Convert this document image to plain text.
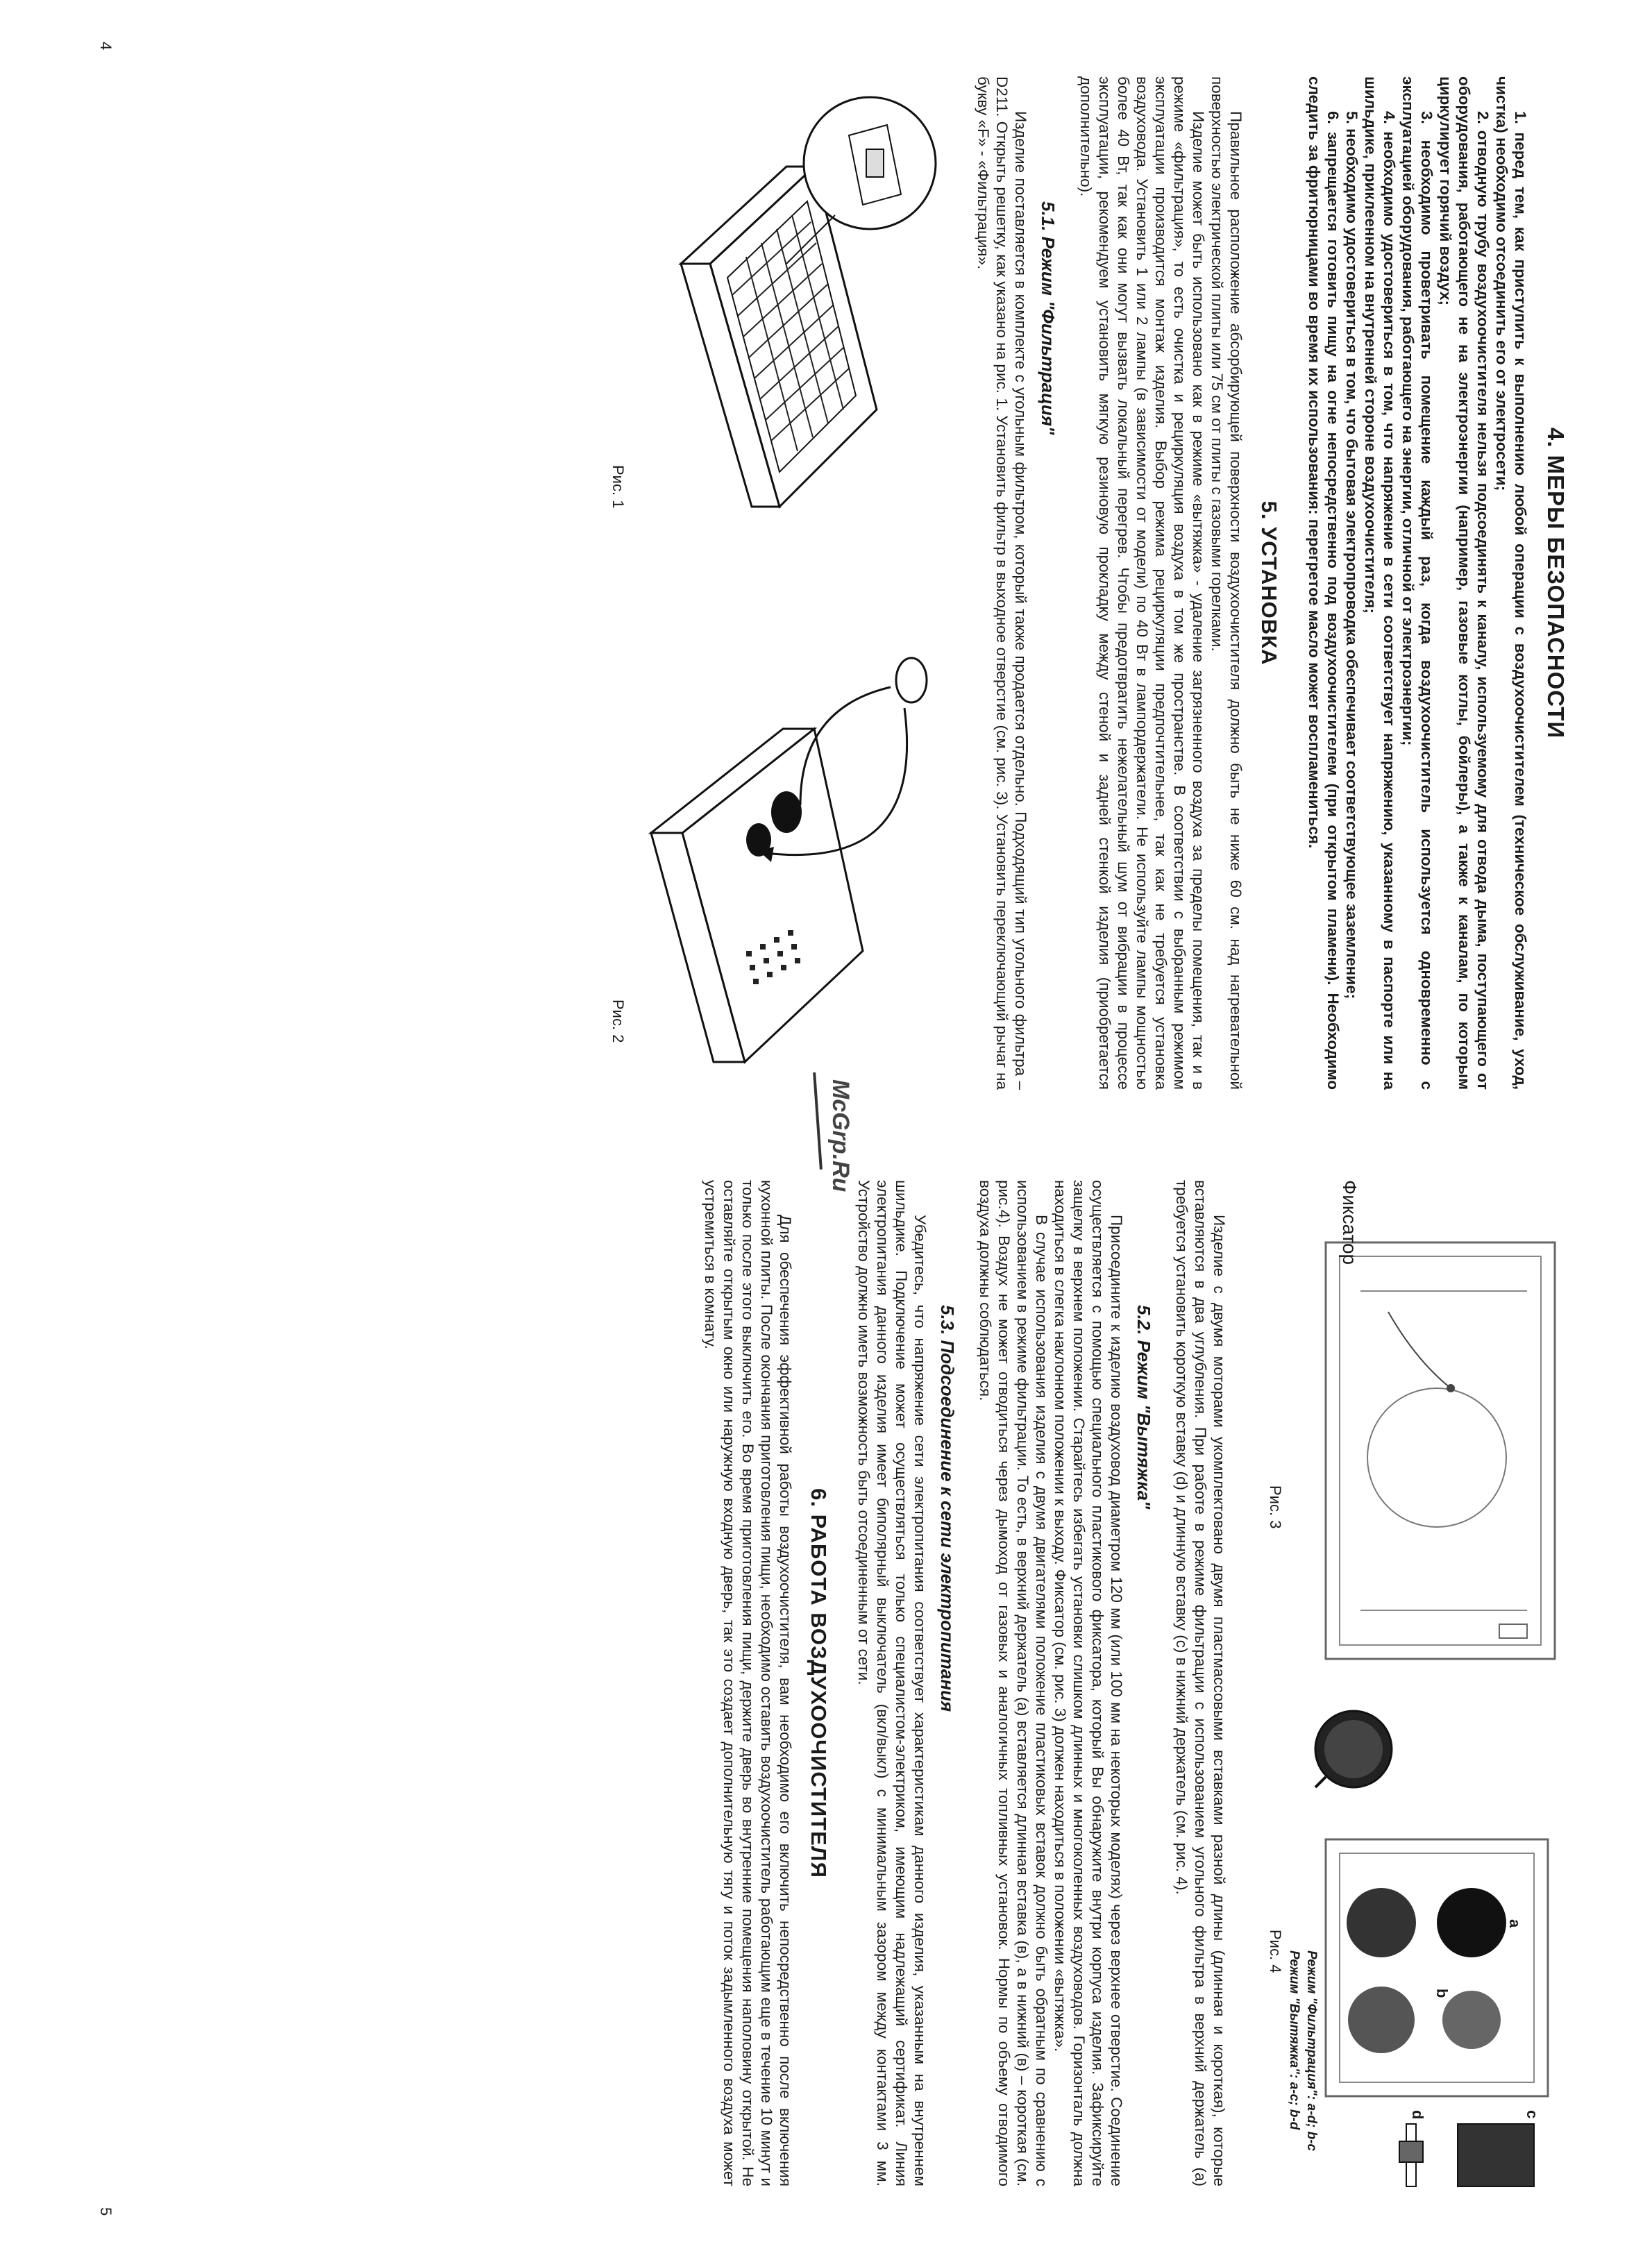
4. МЕРЫ БЕЗОПАСНОСТИ

1. перед тем, как приступить к выполнению любой операции с воздухоочистителем (техническое обслуживание, уход, чистка) необходимо отсоединить его от электросети;

2. отводную трубу воздухоочистителя нельзя подсоединять к каналу, используемому для отвода дыма, поступающего от оборудования, работающего не на электроэнергии (например, газовые котлы, бойлеры), а также к каналам, по которым циркулирует горячий воздух;

3. необходимо проветривать помещение каждый раз, когда воздухоочиститель используется одновременно с эксплуатацией оборудования, работающего на энергии, отличной от электроэнергии;

4. необходимо удостовериться в том, что напряжение в сети соответствует напряжению, указанному в паспорте или на шильдике, приклеенном на внутренней стороне воздухоочистителя;

5. необходимо удостовериться в том, что бытовая электропроводка обеспечивает соответствующее заземление;

6. запрещается готовить пищу на огне непосредственно под воздухоочистителем (при открытом пламени). Необходимо следить за фритюрницами во время их использования: перегретое масло может воспламениться.

5. УСТАНОВКА

Правильное расположение абсорбирующей поверхности воздухоочистителя должно быть не ниже 60 см. над нагревательной поверхностью электрической плиты или 75 см от плиты с газовыми горелками.

Изделие может быть использовано как в режиме «вытяжка» - удаление загрязненного воздуха за пределы помещения, так и в режиме «фильтрация», то есть очистка и рециркуляция воздуха в том же пространстве. В соответствии с выбранным режимом эксплуатации производится монтаж изделия. Выбор режима рециркуляции предпочтительнее, так как не требуется установка воздуховода. Установить 1 или 2 лампы (в зависимости от модели) по 40 Вт в лампордержатели. Не используйте лампы мощностью более 40 Вт, так как они могут вызвать локальный перегрев. Чтобы предотвратить нежелательный шум от вибрации в процессе эксплуатации, рекомендуем установить мягкую резиновую прокладку между стеной и задней стенкой изделия (приобретается дополнительно).

5.1. Режим "Фильтрация"

Изделие поставляется в комплекте с угольным фильтром, который также продается отдельно. Подходящий тип угольного фильтра – D211. Открыть решетку, как указано на рис. 1. Установить фильтр в выходное отверстие (см. рис. 3). Установить переключающий рычаг на букву «F» - «Фильтрация».

Рис. 1
Рис. 2
4
McGrp.Ru
Фиксатор
Рис. 3
a
b
c
d
Рис. 4 Режим "Фильтрация": a-d; b-c
Режим "Вытяжка": a-c; b-d

Изделие с двумя моторами укомплектовано двумя пластмассовыми вставками разной длины (длинная и короткая), которые вставляются в два углубления. При работе в режиме фильтрации с использованием угольного фильтра в верхний держатель (a) требуется установить короткую вставку (d) и длинную вставку (c) в нижний держатель (см. рис. 4).

5.2. Режим "Вытяжка"

Присоедините к изделию воздуховод диаметром 120 мм (или 100 мм на некоторых моделях) через верхнее отверстие. Соединение осуществляется с помощью специального пластикового фиксатора, который Вы обнаружите внутри корпуса изделия. Зафиксируйте защелку в верхнем положении. Старайтесь избегать установки слишком длинных и многоколенных воздуховодов. Горизонталь должна находиться в слегка наклонном положении к выходу. Фиксатор (см. рис. 3) должен находиться в положении «вытяжка».

В случае использования изделия с двумя двигателями положение пластиковых вставок должно быть обратным по сравнению с использованием в режиме фильтрации. То есть, в верхний держатель (a) вставляется длинная вставка (в), а в нижний (в) – короткая (см. рис.4). Воздух не может отводиться через дымоход от газовых и аналогичных топливных установок. Нормы по объему отводимого воздуха должны соблюдаться.

5.3. Подсоединение к сети электропитания

Убедитесь, что напряжение сети электропитания соответствует характеристикам данного изделия, указанным на внутреннем шильдике. Подключение может осуществляться только специалистом-электриком, имеющим надлежащий сертификат. Линия электропитания данного изделия имеет биполярный выключатель (вкл/выкл) с минимальным зазором между контактами 3 мм. Устройство должно иметь возможность быть отсоединенным от сети.

6. РАБОТА ВОЗДУХООЧИСТИТЕЛЯ

Для обеспечения эффективной работы воздухоочистителя, вам необходимо его включить непосредственно после включения кухонной плиты. После окончания приготовления пищи, необходимо оставить воздухоочиститель работающим еще в течение 10 минут и только после этого выключить его. Во время приготовления пищи, держите дверь во внутренние помещения наполовину открытой. Не оставляйте открытым окно или наружную входную дверь, так это создает дополнительную тягу и поток задымленного воздуха может устремиться в комнату.

5
